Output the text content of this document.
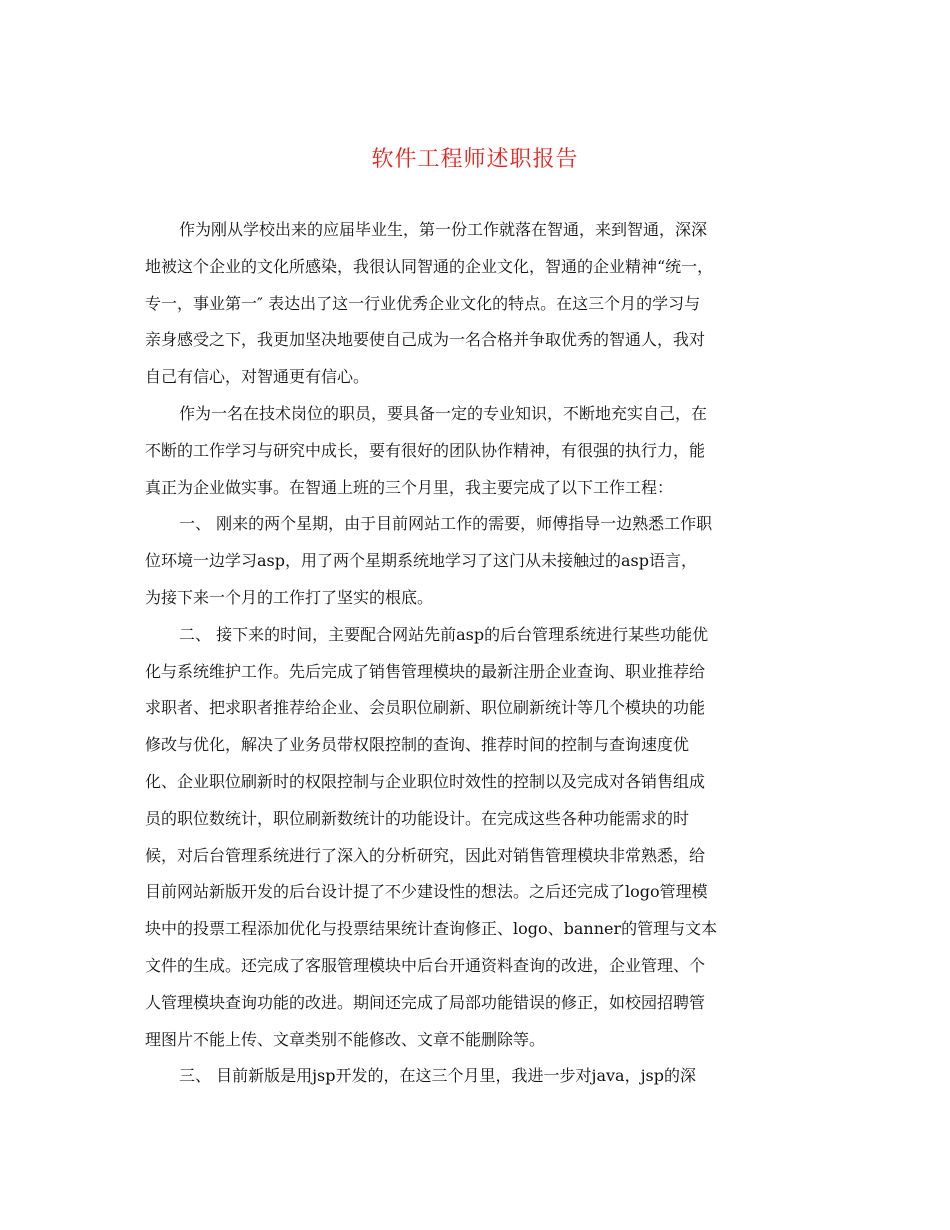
软件工程师述职报告
作为刚从学校出来的应届毕业生，第一份工作就落在智通，来到智通，深深
地被这个企业的文化所感染，我很认同智通的企业文化，智通的企业精神“统一，
专一，事业第一″ 表达出了这一行业优秀企业文化的特点。在这三个月的学习与
亲身感受之下，我更加坚决地要使自己成为一名合格并争取优秀的智通人，我对
自己有信心，对智通更有信心。
作为一名在技术岗位的职员，要具备一定的专业知识，不断地充实自己，在
不断的工作学习与研究中成长，要有很好的团队协作精神，有很强的执行力，能
真正为企业做实事。在智通上班的三个月里，我主要完成了以下工作工程：
一、 刚来的两个星期，由于目前网站工作的需要，师傅指导一边熟悉工作职
位环境一边学习asp，用了两个星期系统地学习了这门从未接触过的asp语言，
为接下来一个月的工作打了坚实的根底。
二、 接下来的时间，主要配合网站先前asp的后台管理系统进行某些功能优
化与系统维护工作。先后完成了销售管理模块的最新注册企业查询、职业推荐给
求职者、把求职者推荐给企业、会员职位刷新、职位刷新统计等几个模块的功能
修改与优化，解决了业务员带权限控制的查询、推荐时间的控制与查询速度优
化、企业职位刷新时的权限控制与企业职位时效性的控制以及完成对各销售组成
员的职位数统计，职位刷新数统计的功能设计。在完成这些各种功能需求的时
候，对后台管理系统进行了深入的分析研究，因此对销售管理模块非常熟悉，给
目前网站新版开发的后台设计提了不少建设性的想法。之后还完成了logo管理模
块中的投票工程添加优化与投票结果统计查询修正、logo、banner的管理与文本
文件的生成。还完成了客服管理模块中后台开通资料查询的改进，企业管理、个
人管理模块查询功能的改进。期间还完成了局部功能错误的修正，如校园招聘管
理图片不能上传、文章类别不能修改、文章不能删除等。
三、 目前新版是用jsp开发的，在这三个月里，我进一步对java，jsp的深
